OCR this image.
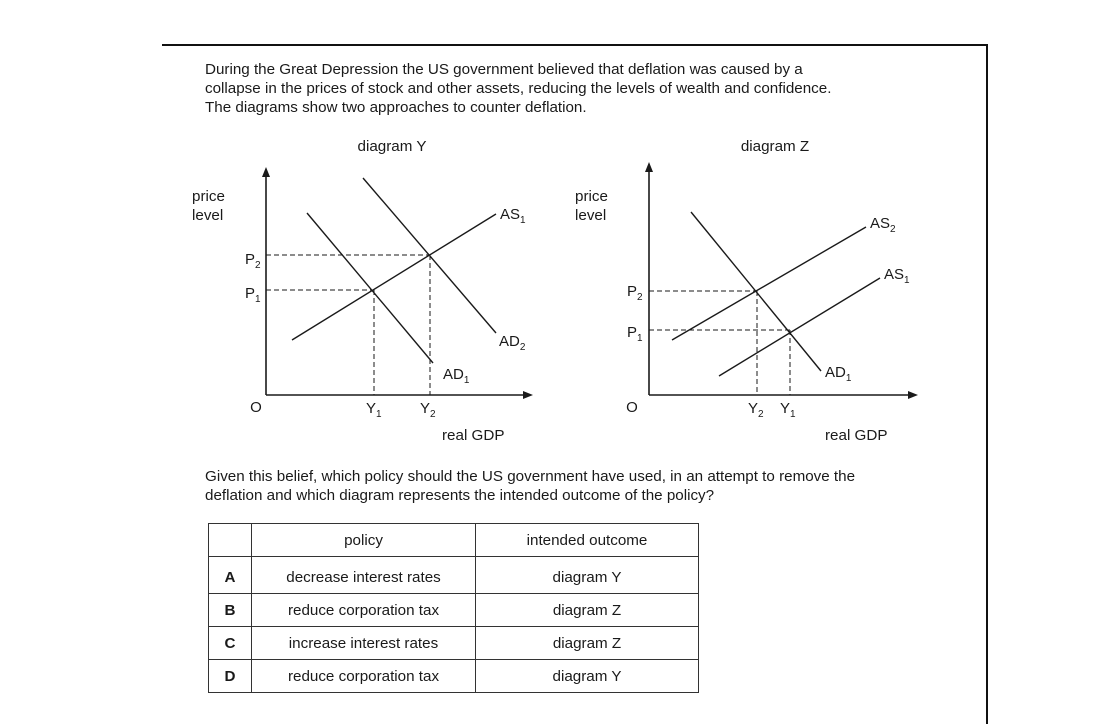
During the Great Depression the US government believed that deflation was caused by a
collapse in the prices of stock and other assets, reducing the levels of wealth and confidence.
The diagrams show two approaches to counter deflation.

diagram Y
price
level
O
real GDP
$P_2$
$P_1$
$Y_1$	$Y_2$
$AS_1$
$AD_2$
$AD_1$
diagram Z
price
level
O
real GDP
$P_2$
$P_1$
$Y_2$ $Y_1$
$AS_2$
$AS_1$
$AD_1$

Given this belief, which policy should the US government have used, in an attempt to remove the
deflation and which diagram represents the intended outcome of the policy?

	policy	intended outcome
A	decrease interest rates	diagram Y
B	reduce corporation tax	diagram Z
C	increase interest rates	diagram Z
D	reduce corporation tax	diagram Y
